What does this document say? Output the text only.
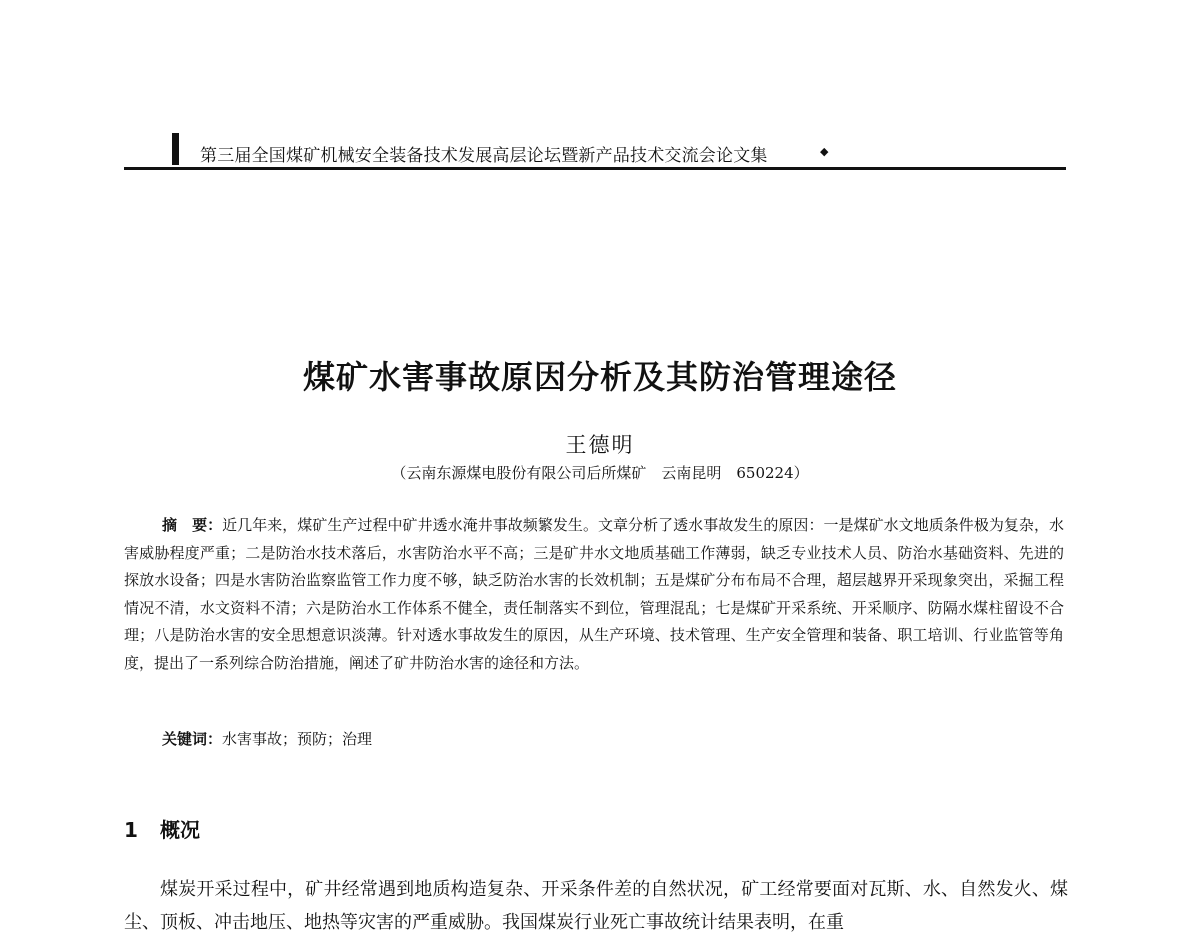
第三届全国煤矿机械安全装备技术发展高层论坛暨新产品技术交流会论文集	◆
煤矿水害事故原因分析及其防治管理途径
王德明
（云南东源煤电股份有限公司后所煤矿　云南昆明　650224）
摘　要：近几年来，煤矿生产过程中矿井透水淹井事故频繁发生。文章分析了透水事故发生的原因：一是煤矿水文地质条件极为复杂，水害威胁程度严重；二是防治水技术落后，水害防治水平不高；三是矿井水文地质基础工作薄弱，缺乏专业技术人员、防治水基础资料、先进的探放水设备；四是水害防治监察监管工作力度不够，缺乏防治水害的长效机制；五是煤矿分布布局不合理，超层越界开采现象突出，采掘工程情况不清，水文资料不清；六是防治水工作体系不健全，责任制落实不到位，管理混乱；七是煤矿开采系统、开采顺序、防隔水煤柱留设不合理；八是防治水害的安全思想意识淡薄。针对透水事故发生的原因，从生产环境、技术管理、生产安全管理和装备、职工培训、行业监管等角度，提出了一系列综合防治措施，阐述了矿井防治水害的途径和方法。
关键词：水害事故；预防；治理
1 概况
煤炭开采过程中，矿井经常遇到地质构造复杂、开采条件差的自然状况，矿工经常要面对瓦斯、水、自然发火、煤尘、顶板、冲击地压、地热等灾害的严重威胁。我国煤炭行业死亡事故统计结果表明，在重
